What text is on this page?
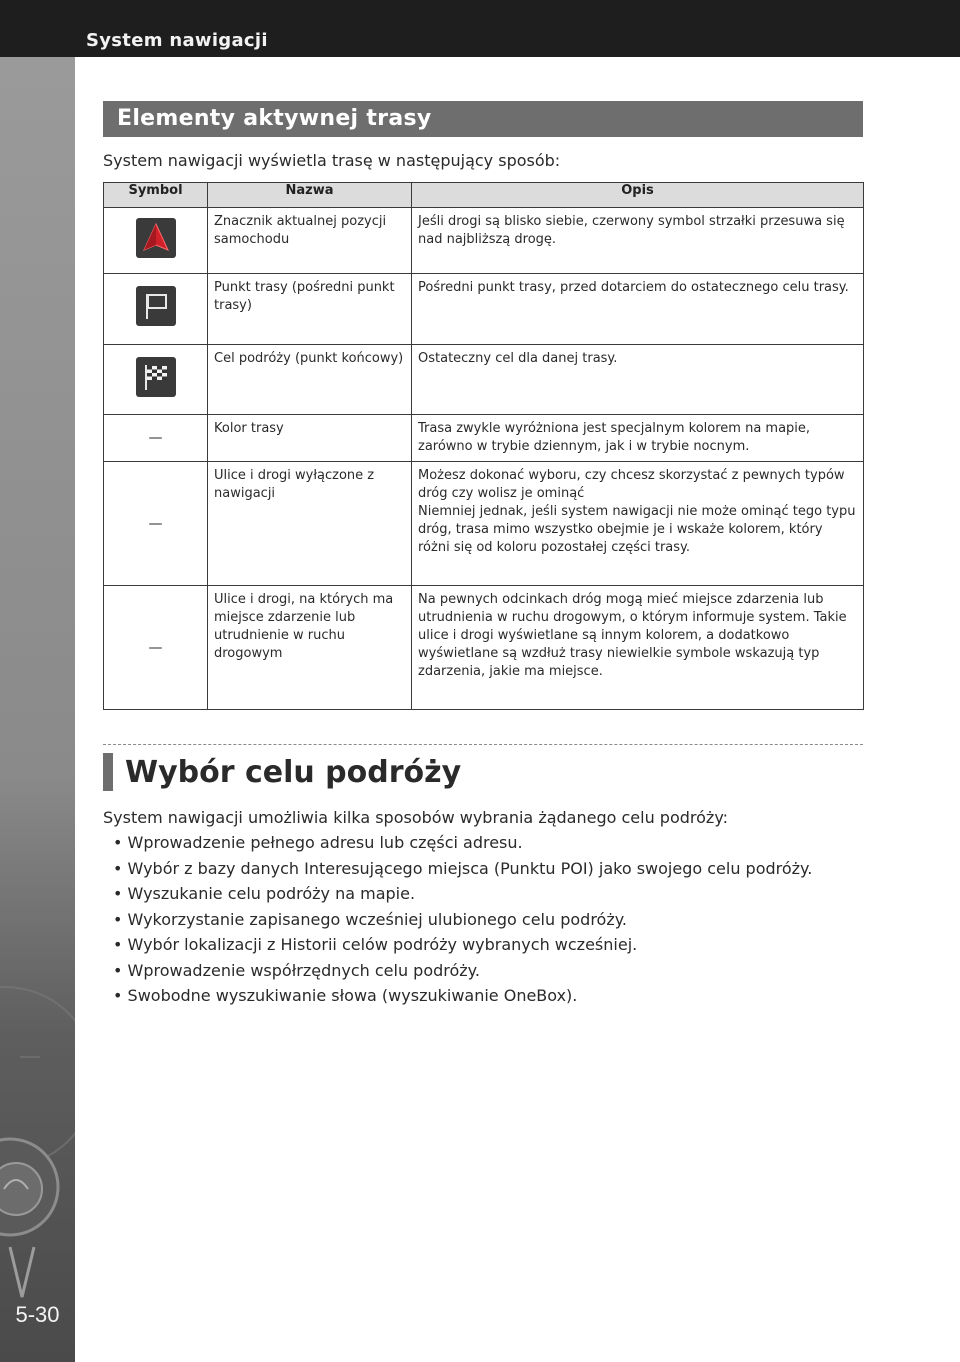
System nawigacji
5-30
Elementy aktywnej trasy
System nawigacji wyświetla trasę w następujący sposób:
Symbol	Nazwa	Opis

	Znacznik aktualnej pozycji samochodu	Jeśli drogi są blisko siebie, czerwony symbol strzałki przesuwa się nad najbliższą drogę.

	Punkt trasy (pośredni punkt trasy)	Pośredni punkt trasy, przed dotarciem do ostatecznego celu trasy.

	Cel podróży (punkt końcowy)	Ostateczny cel dla danej trasy.
—	Kolor trasy	Trasa zwykle wyróżniona jest specjalnym kolorem na mapie, zarówno w trybie dziennym, jak i w trybie nocnym.
—	Ulice i drogi wyłączone z nawigacji	Możesz dokonać wyboru, czy chcesz skorzystać z pewnych typów dróg czy wolisz je ominąć
Niemniej jednak, jeśli system nawigacji nie może ominąć tego typu dróg, trasa mimo wszystko obejmie je i wskaże kolorem, który różni się od koloru pozostałej części trasy.
—	Ulice i drogi, na których ma miejsce zdarzenie lub utrudnienie w ruchu drogowym	Na pewnych odcinkach dróg mogą mieć miejsce zdarzenia lub utrudnienia w ruchu drogowym, o którym informuje system. Takie ulice i drogi wyświetlane są innym kolorem, a dodatkowo wyświetlane są wzdłuż trasy niewielkie symbole wskazują typ zdarzenia, jakie ma miejsce.
Wybór celu podróży
System nawigacji umożliwia kilka sposobów wybrania żądanego celu podróży:
• Wprowadzenie pełnego adresu lub części adresu.
• Wybór z bazy danych Interesującego miejsca (Punktu POI) jako swojego celu podróży.
• Wyszukanie celu podróży na mapie.
• Wykorzystanie zapisanego wcześniej ulubionego celu podróży.
• Wybór lokalizacji z Historii celów podróży wybranych wcześniej.
• Wprowadzenie współrzędnych celu podróży.
• Swobodne wyszukiwanie słowa (wyszukiwanie OneBox).
